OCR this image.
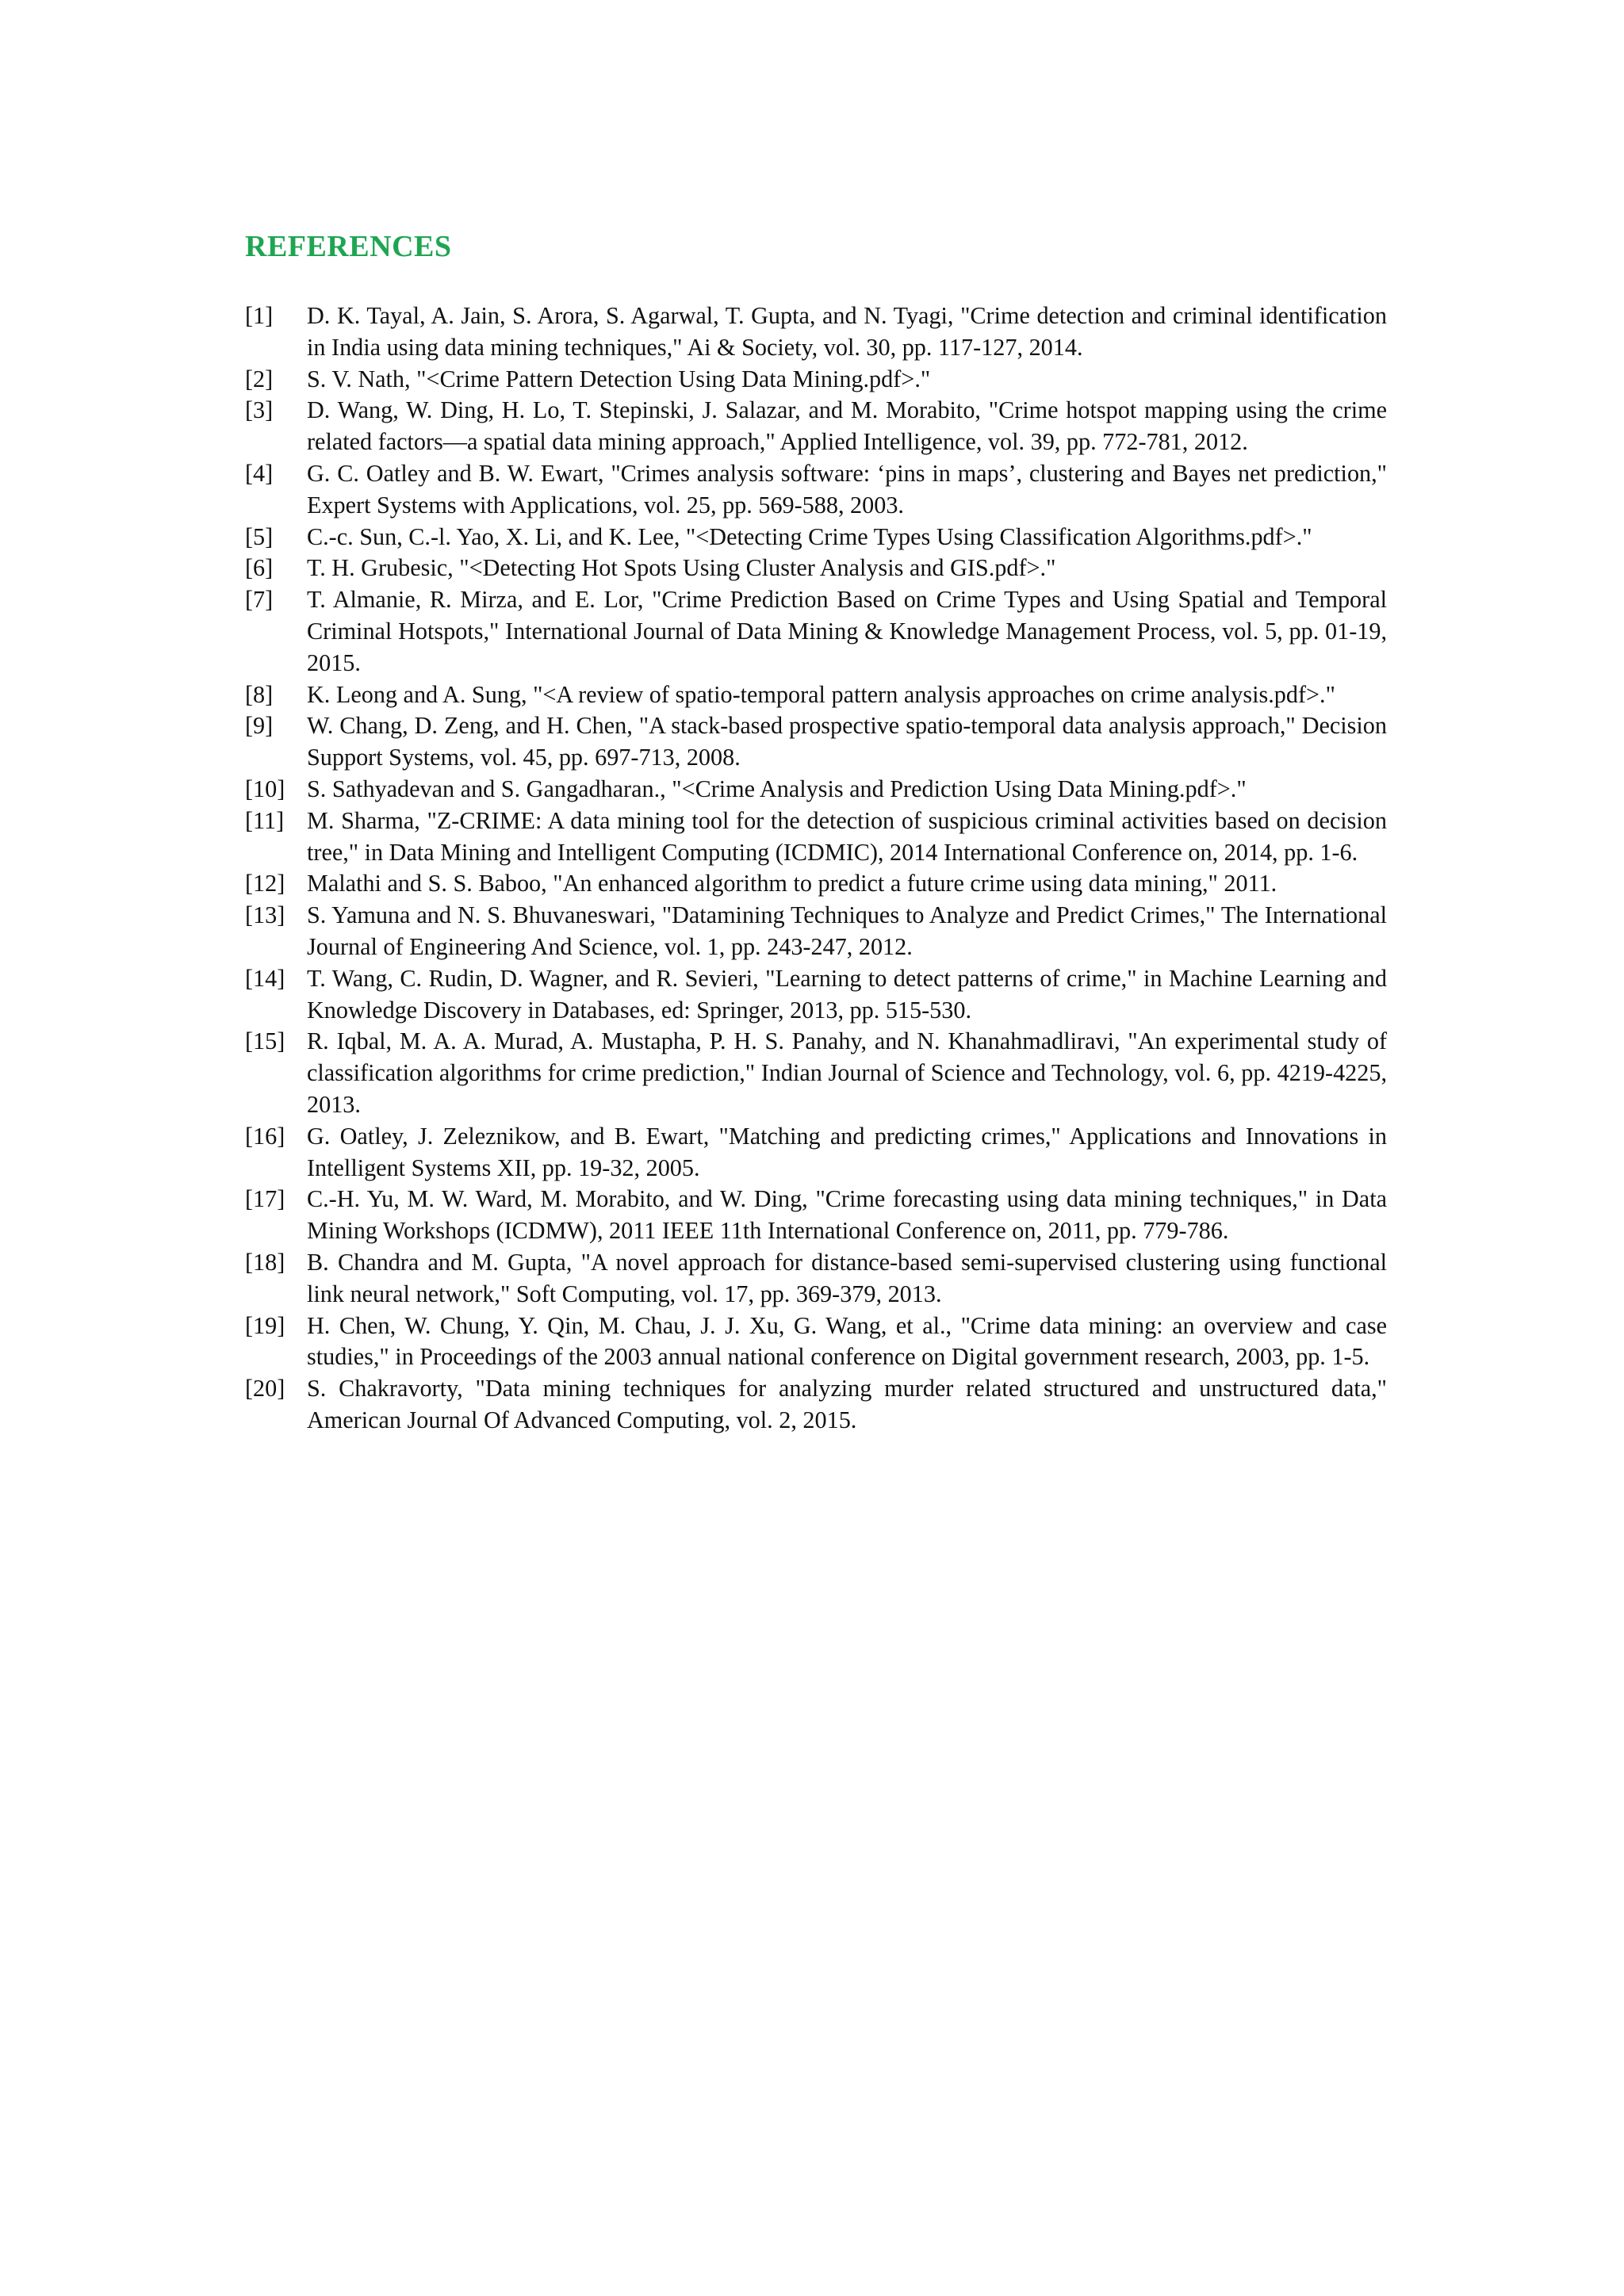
REFERENCES
[1]	D. K. Tayal, A. Jain, S. Arora, S. Agarwal, T. Gupta, and N. Tyagi, "Crime detection and criminal identification in India using data mining techniques," Ai & Society, vol. 30, pp. 117-127, 2014.
[2]	S. V. Nath, "<Crime Pattern Detection Using Data Mining.pdf>."
[3]	D. Wang, W. Ding, H. Lo, T. Stepinski, J. Salazar, and M. Morabito, "Crime hotspot mapping using the crime related factors—a spatial data mining approach," Applied Intelligence, vol. 39, pp. 772-781, 2012.
[4]	G. C. Oatley and B. W. Ewart, "Crimes analysis software: ‘pins in maps’, clustering and Bayes net prediction," Expert Systems with Applications, vol. 25, pp. 569-588, 2003.
[5]	C.-c. Sun, C.-l. Yao, X. Li, and K. Lee, "<Detecting Crime Types Using Classification Algorithms.pdf>."
[6]	T. H. Grubesic, "<Detecting Hot Spots Using Cluster Analysis and GIS.pdf>."
[7]	T. Almanie, R. Mirza, and E. Lor, "Crime Prediction Based on Crime Types and Using Spatial and Temporal Criminal Hotspots," International Journal of Data Mining & Knowledge Management Process, vol. 5, pp. 01-19, 2015.
[8]	K. Leong and A. Sung, "<A review of spatio-temporal pattern analysis approaches on crime analysis.pdf>."
[9]	W. Chang, D. Zeng, and H. Chen, "A stack-based prospective spatio-temporal data analysis approach," Decision Support Systems, vol. 45, pp. 697-713, 2008.
[10] S. Sathyadevan and S. Gangadharan., "<Crime Analysis and Prediction Using Data Mining.pdf>."
[11] M. Sharma, "Z-CRIME: A data mining tool for the detection of suspicious criminal activities based on decision tree," in Data Mining and Intelligent Computing (ICDMIC), 2014 International Conference on, 2014, pp. 1-6.
[12] Malathi and S. S. Baboo, "An enhanced algorithm to predict a future crime using data mining," 2011.
[13] S. Yamuna and N. S. Bhuvaneswari, "Datamining Techniques to Analyze and Predict Crimes," The International Journal of Engineering And Science, vol. 1, pp. 243-247, 2012.
[14] T. Wang, C. Rudin, D. Wagner, and R. Sevieri, "Learning to detect patterns of crime," in Machine Learning and Knowledge Discovery in Databases, ed: Springer, 2013, pp. 515-530.
[15] R. Iqbal, M. A. A. Murad, A. Mustapha, P. H. S. Panahy, and N. Khanahmadliravi, "An experimental study of classification algorithms for crime prediction," Indian Journal of Science and Technology, vol. 6, pp. 4219-4225, 2013.
[16] G. Oatley, J. Zeleznikow, and B. Ewart, "Matching and predicting crimes," Applications and Innovations in Intelligent Systems XII, pp. 19-32, 2005.
[17] C.-H. Yu, M. W. Ward, M. Morabito, and W. Ding, "Crime forecasting using data mining techniques," in Data Mining Workshops (ICDMW), 2011 IEEE 11th International Conference on, 2011, pp. 779-786.
[18] B. Chandra and M. Gupta, "A novel approach for distance-based semi-supervised clustering using functional link neural network," Soft Computing, vol. 17, pp. 369-379, 2013.
[19] H. Chen, W. Chung, Y. Qin, M. Chau, J. J. Xu, G. Wang, et al., "Crime data mining: an overview and case studies," in Proceedings of the 2003 annual national conference on Digital government research, 2003, pp. 1-5.
[20] S. Chakravorty, "Data mining techniques for analyzing murder related structured and unstructured data," American Journal Of Advanced Computing, vol. 2, 2015.
